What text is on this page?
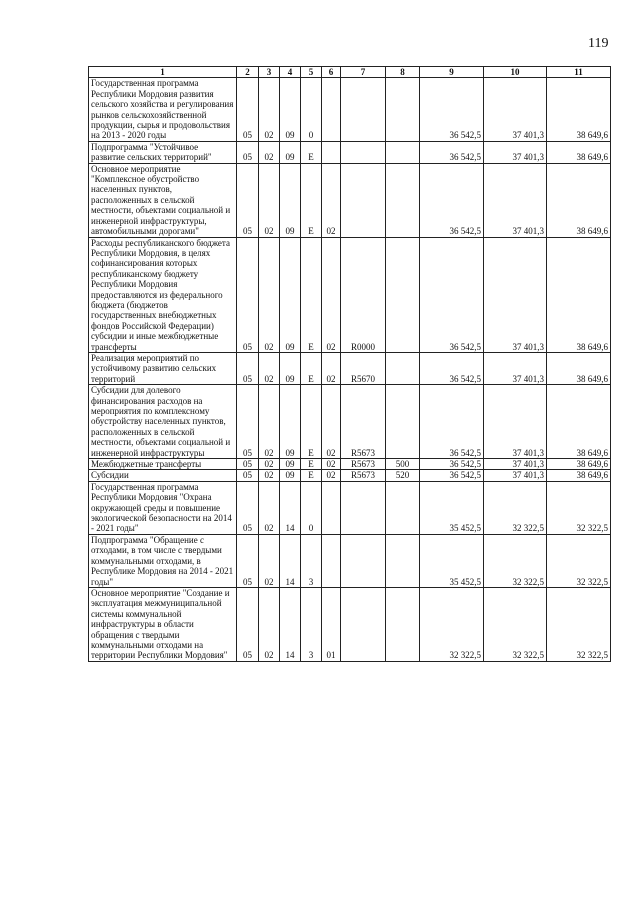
119
1	2	3	4	5	6	7	8	9	10	11
Государственная программа Республики Мордовия развития сельского хозяйства и регулирования рынков сельскохозяйственной продукции, сырья и продовольствия на 2013 - 2020 годы	05	02	09	0				36 542,5	37 401,3	38 649,6
Подпрограмма "Устойчивое развитие сельских территорий"	05	02	09	Е				36 542,5	37 401,3	38 649,6
Основное мероприятие "Комплексное обустройство населенных пунктов, расположенных в сельской местности, объектами социальной и инженерной инфраструктуры, автомобильными дорогами"	05	02	09	Е	02			36 542,5	37 401,3	38 649,6
Расходы республиканского бюджета Республики Мордовия, в целях софинансирования которых республиканскому бюджету Республики Мордовия предоставляются из федерального бюджета (бюджетов государственных внебюджетных фондов Российской Федерации) субсидии и иные межбюджетные трансферты	05	02	09	Е	02	R0000		36 542,5	37 401,3	38 649,6
Реализация мероприятий по устойчивому развитию сельских территорий	05	02	09	Е	02	R5670		36 542,5	37 401,3	38 649,6
Субсидии для долевого финансирования расходов на мероприятия по комплексному обустройству населенных пунктов, расположенных в сельской местности, объектами социальной и инженерной инфраструктуры	05	02	09	Е	02	R5673		36 542,5	37 401,3	38 649,6
Межбюджетные трансферты	05	02	09	Е	02	R5673	500	36 542,5	37 401,3	38 649,6
Субсидии	05	02	09	Е	02	R5673	520	36 542,5	37 401,3	38 649,6
Государственная программа Республики Мордовия "Охрана окружающей среды и повышение экологической безопасности на 2014 - 2021 годы"	05	02	14	0				35 452,5	32 322,5	32 322,5
Подпрограмма "Обращение с отходами, в том числе с твердыми коммунальными отходами, в Республике Мордовия на 2014 - 2021 годы"	05	02	14	3				35 452,5	32 322,5	32 322,5
Основное мероприятие "Создание и эксплуатация межмуниципальной системы коммунальной инфраструктуры в области обращения с твердыми коммунальными отходами на территории Республики Мордовия"	05	02	14	3	01			32 322,5	32 322,5	32 322,5
